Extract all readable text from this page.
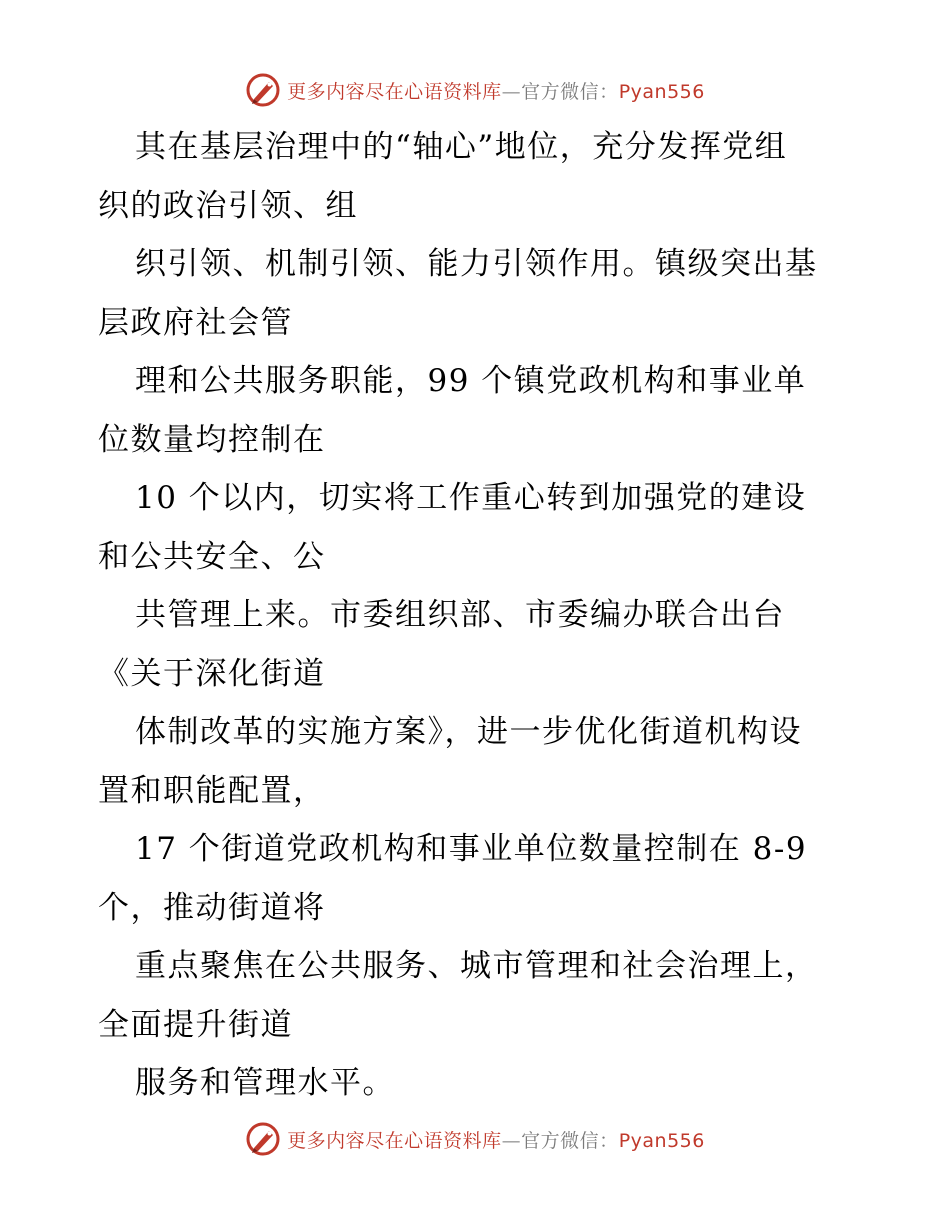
更多内容尽在心语资料库—官方微信：Pyan556
其在基层治理中的“轴心”地位，充分发挥党组
织的政治引领、组
织引领、机制引领、能力引领作用。镇级突出基
层政府社会管
理和公共服务职能，99 个镇党政机构和事业单
位数量均控制在
10 个以内，切实将工作重心转到加强党的建设
和公共安全、公
共管理上来。市委组织部、市委编办联合出台
《关于深化街道
体制改革的实施方案》，进一步优化街道机构设
置和职能配置，
17 个街道党政机构和事业单位数量控制在 8-9
个，推动街道将
重点聚焦在公共服务、城市管理和社会治理上，
全面提升街道
服务和管理水平。
更多内容尽在心语资料库—官方微信：Pyan556
